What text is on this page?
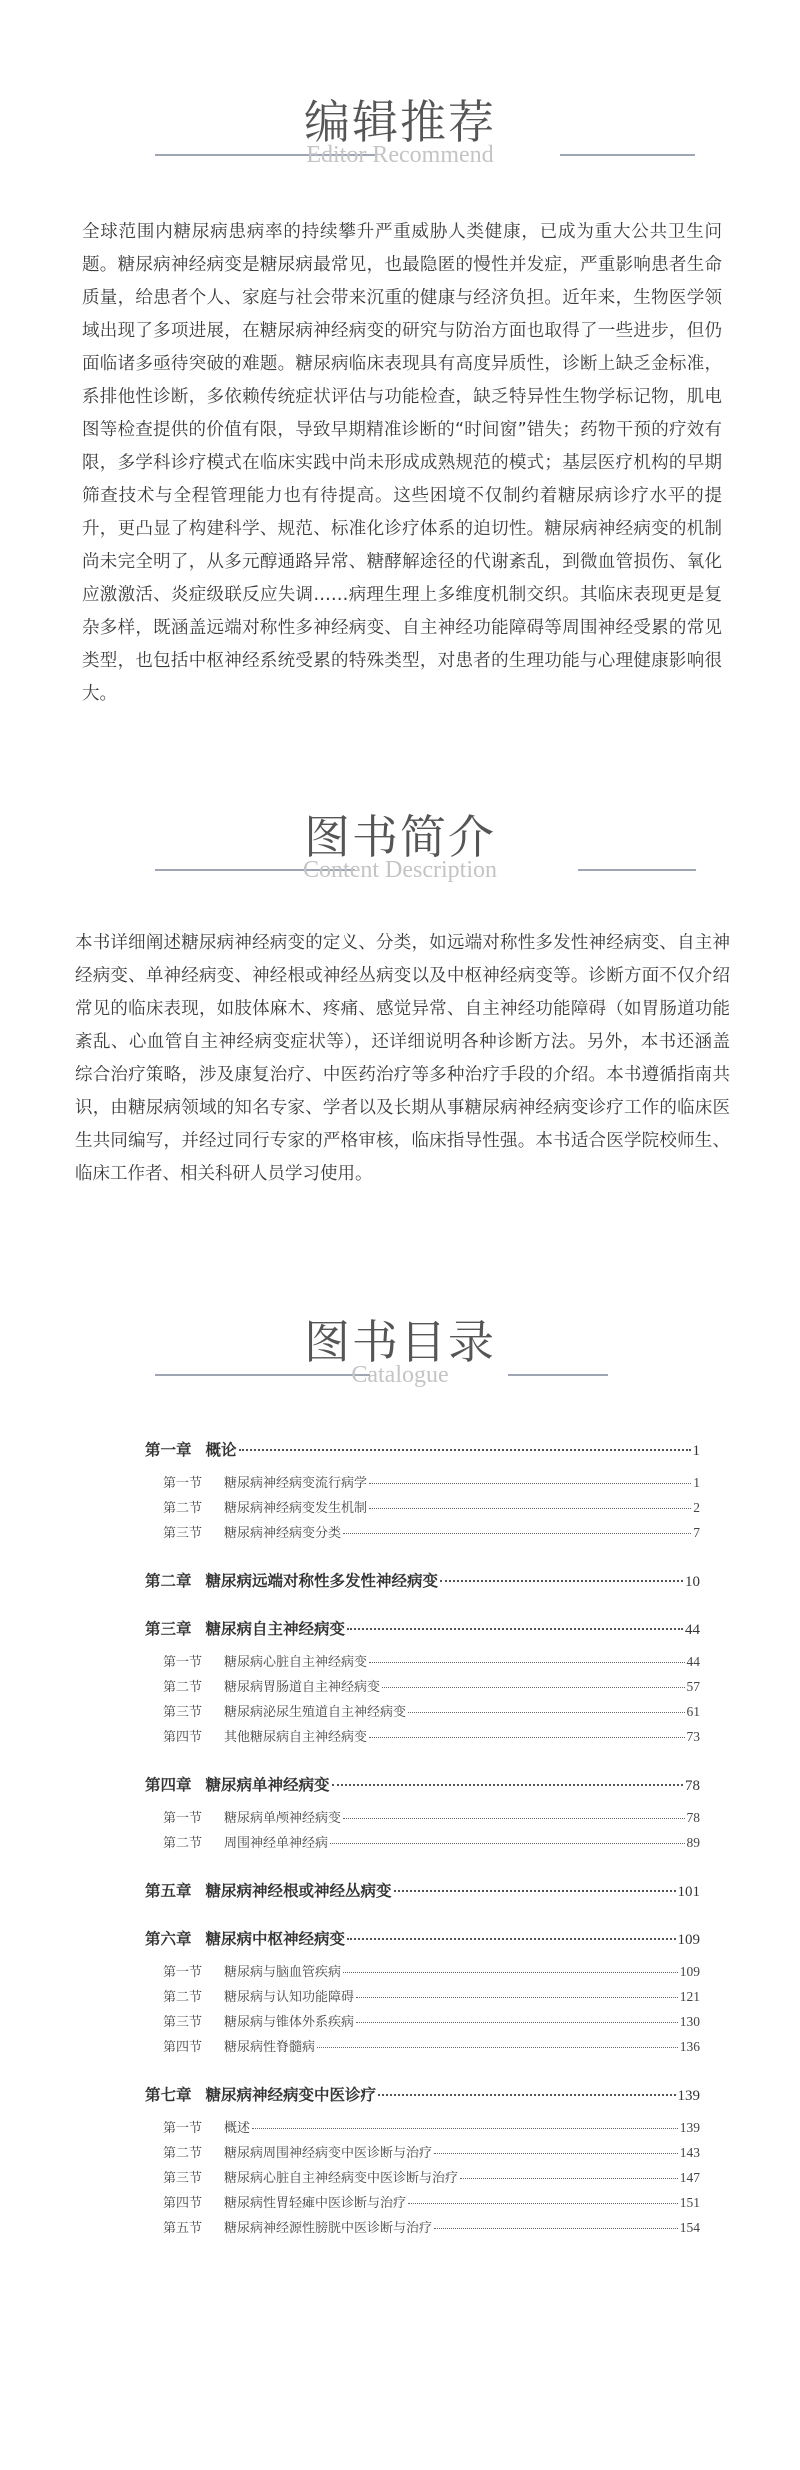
编辑推荐
Editor Recommend

全球范围内糖尿病患病率的持续攀升严重威胁人类健康，已成为重大公共卫生问题。糖尿病神经病变是糖尿病最常见，也最隐匿的慢性并发症，严重影响患者生命质量，给患者个人、家庭与社会带来沉重的健康与经济负担。近年来，生物医学领域出现了多项进展，在糖尿病神经病变的研究与防治方面也取得了一些进步，但仍面临诸多亟待突破的难题。糖尿病临床表现具有高度异质性，诊断上缺乏金标准，系排他性诊断，多依赖传统症状评估与功能检查，缺乏特异性生物学标记物，肌电图等检查提供的价值有限，导致早期精准诊断的“时间窗”错失；药物干预的疗效有限，多学科诊疗模式在临床实践中尚未形成成熟规范的模式；基层医疗机构的早期筛查技术与全程管理能力也有待提高。这些困境不仅制约着糖尿病诊疗水平的提升，更凸显了构建科学、规范、标准化诊疗体系的迫切性。糖尿病神经病变的机制尚未完全明了，从多元醇通路异常、糖酵解途径的代谢紊乱，到微血管损伤、氧化应激激活、炎症级联反应失调……病理生理上多维度机制交织。其临床表现更是复杂多样，既涵盖远端对称性多神经病变、自主神经功能障碍等周围神经受累的常见类型，也包括中枢神经系统受累的特殊类型，对患者的生理功能与心理健康影响很大。

图书简介
Content Description

本书详细阐述糖尿病神经病变的定义、分类，如远端对称性多发性神经病变、自主神经病变、单神经病变、神经根或神经丛病变以及中枢神经病变等。诊断方面不仅介绍常见的临床表现，如肢体麻木、疼痛、感觉异常、自主神经功能障碍（如胃肠道功能紊乱、心血管自主神经病变症状等），还详细说明各种诊断方法。另外，本书还涵盖综合治疗策略，涉及康复治疗、中医药治疗等多种治疗手段的介绍。本书遵循指南共识，由糖尿病领域的知名专家、学者以及长期从事糖尿病神经病变诊疗工作的临床医生共同编写，并经过同行专家的严格审核，临床指导性强。本书适合医学院校师生、临床工作者、相关科研人员学习使用。

图书目录
Catalogue
第一章 概论	1
第一节 糖尿病神经病变流行病学	1
第二节 糖尿病神经病变发生机制	2
第三节 糖尿病神经病变分类	7
第二章 糖尿病远端对称性多发性神经病变	10
第三章 糖尿病自主神经病变	44
第一节 糖尿病心脏自主神经病变	44
第二节 糖尿病胃肠道自主神经病变	57
第三节 糖尿病泌尿生殖道自主神经病变	61
第四节 其他糖尿病自主神经病变	73
第四章 糖尿病单神经病变	78
第一节 糖尿病单颅神经病变	78
第二节 周围神经单神经病	89
第五章 糖尿病神经根或神经丛病变	101
第六章 糖尿病中枢神经病变	109
第一节 糖尿病与脑血管疾病	109
第二节 糖尿病与认知功能障碍	121
第三节 糖尿病与锥体外系疾病	130
第四节 糖尿病性脊髓病	136
第七章 糖尿病神经病变中医诊疗	139
第一节 概述	139
第二节 糖尿病周围神经病变中医诊断与治疗	143
第三节 糖尿病心脏自主神经病变中医诊断与治疗	147
第四节 糖尿病性胃轻瘫中医诊断与治疗	151
第五节 糖尿病神经源性膀胱中医诊断与治疗	154
